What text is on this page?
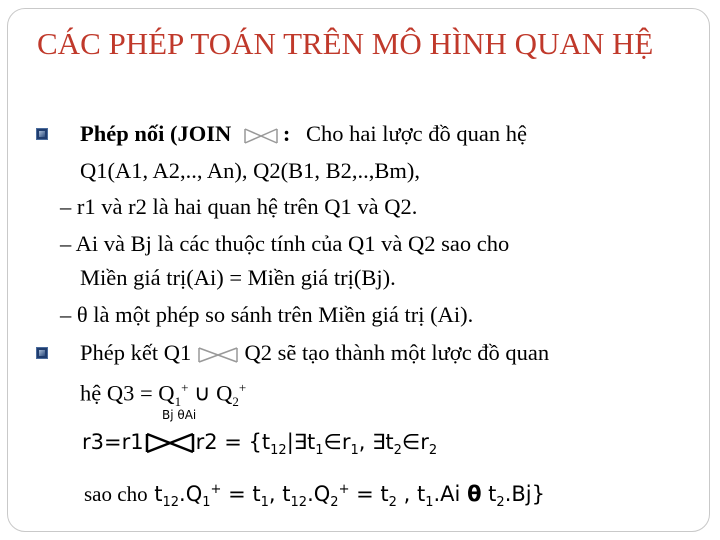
CÁC PHÉP TOÁN TRÊN MÔ HÌNH QUAN HỆ
Phép nối (JOIN : Cho hai lược đồ quan hệ
Q1(A1, A2,.., An), Q2(B1, B2,..,Bm),
– r1 và r2 là hai quan hệ trên Q1 và Q2.
– Ai và Bj là các thuộc tính của Q1 và Q2 sao cho
Miền giá trị(Ai) = Miền giá trị(Bj).
– θ là một phép so sánh trên Miền giá trị (Ai).
Phép kết Q1 Q2 sẽ tạo thành một lược đồ quan
hệ $Q3 = Q_1^+$ ∪ $Q_2^+$
Bj θAi
r3=r1 $r2 = \{t_{12}|\exists t_1\in r_1$, $\exists t_2\in r_2$
sao cho $t_{12}.Q_1^+ = t_1$, $t_{12}.Q_2^+ = t_2$ , $t_1.Ai$ θ $t_2.Bj$}
